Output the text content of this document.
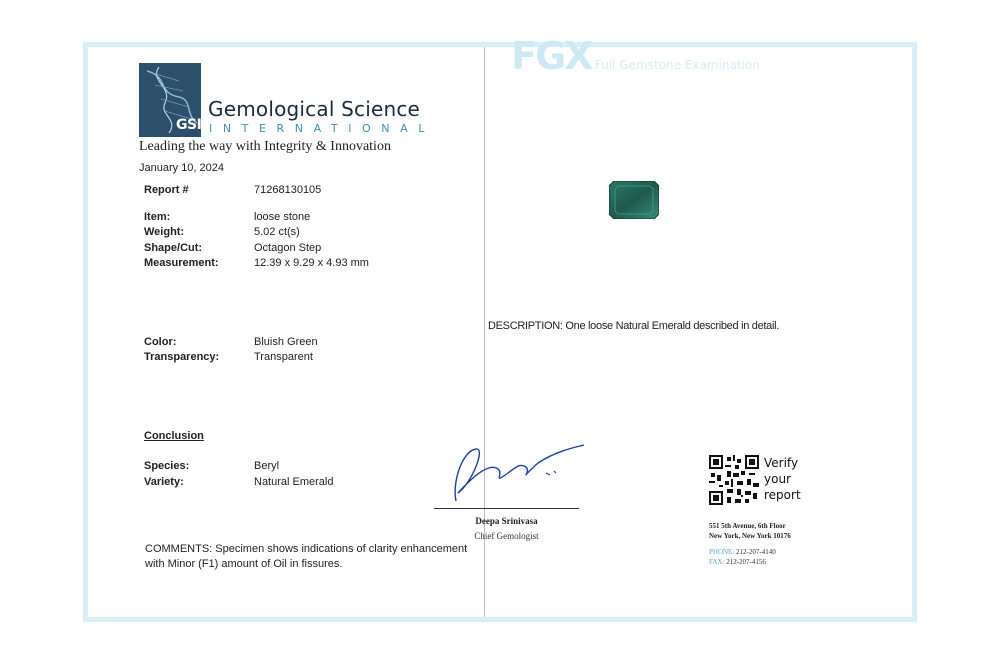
GSI
Gemological Science
INTERNATIONAL
Leading the way with Integrity & Innovation
January 10, 2024
Report #	71268130105
Item:	loose stone
Weight:	5.02 ct(s)
Shape/Cut:	Octagon Step
Measurement:	12.39 x 9.29 x 4.93 mm
Color:	Bluish Green
Transparency:	Transparent
Conclusion
Species:	Beryl
Variety:	Natural Emerald
COMMENTS: Specimen shows indications of clarity enhancement with Minor (F1) amount of Oil in fissures.
FGX Full Gemstone Examination
DESCRIPTION: One loose Natural Emerald described in detail.
Deepa Srinivasa
Chief Gemologist
Verify
your
report
551 5th Avenue, 6th Floor
New York, New York 10176
PHONE: 212-207-4140
FAX: 212-207-4156
